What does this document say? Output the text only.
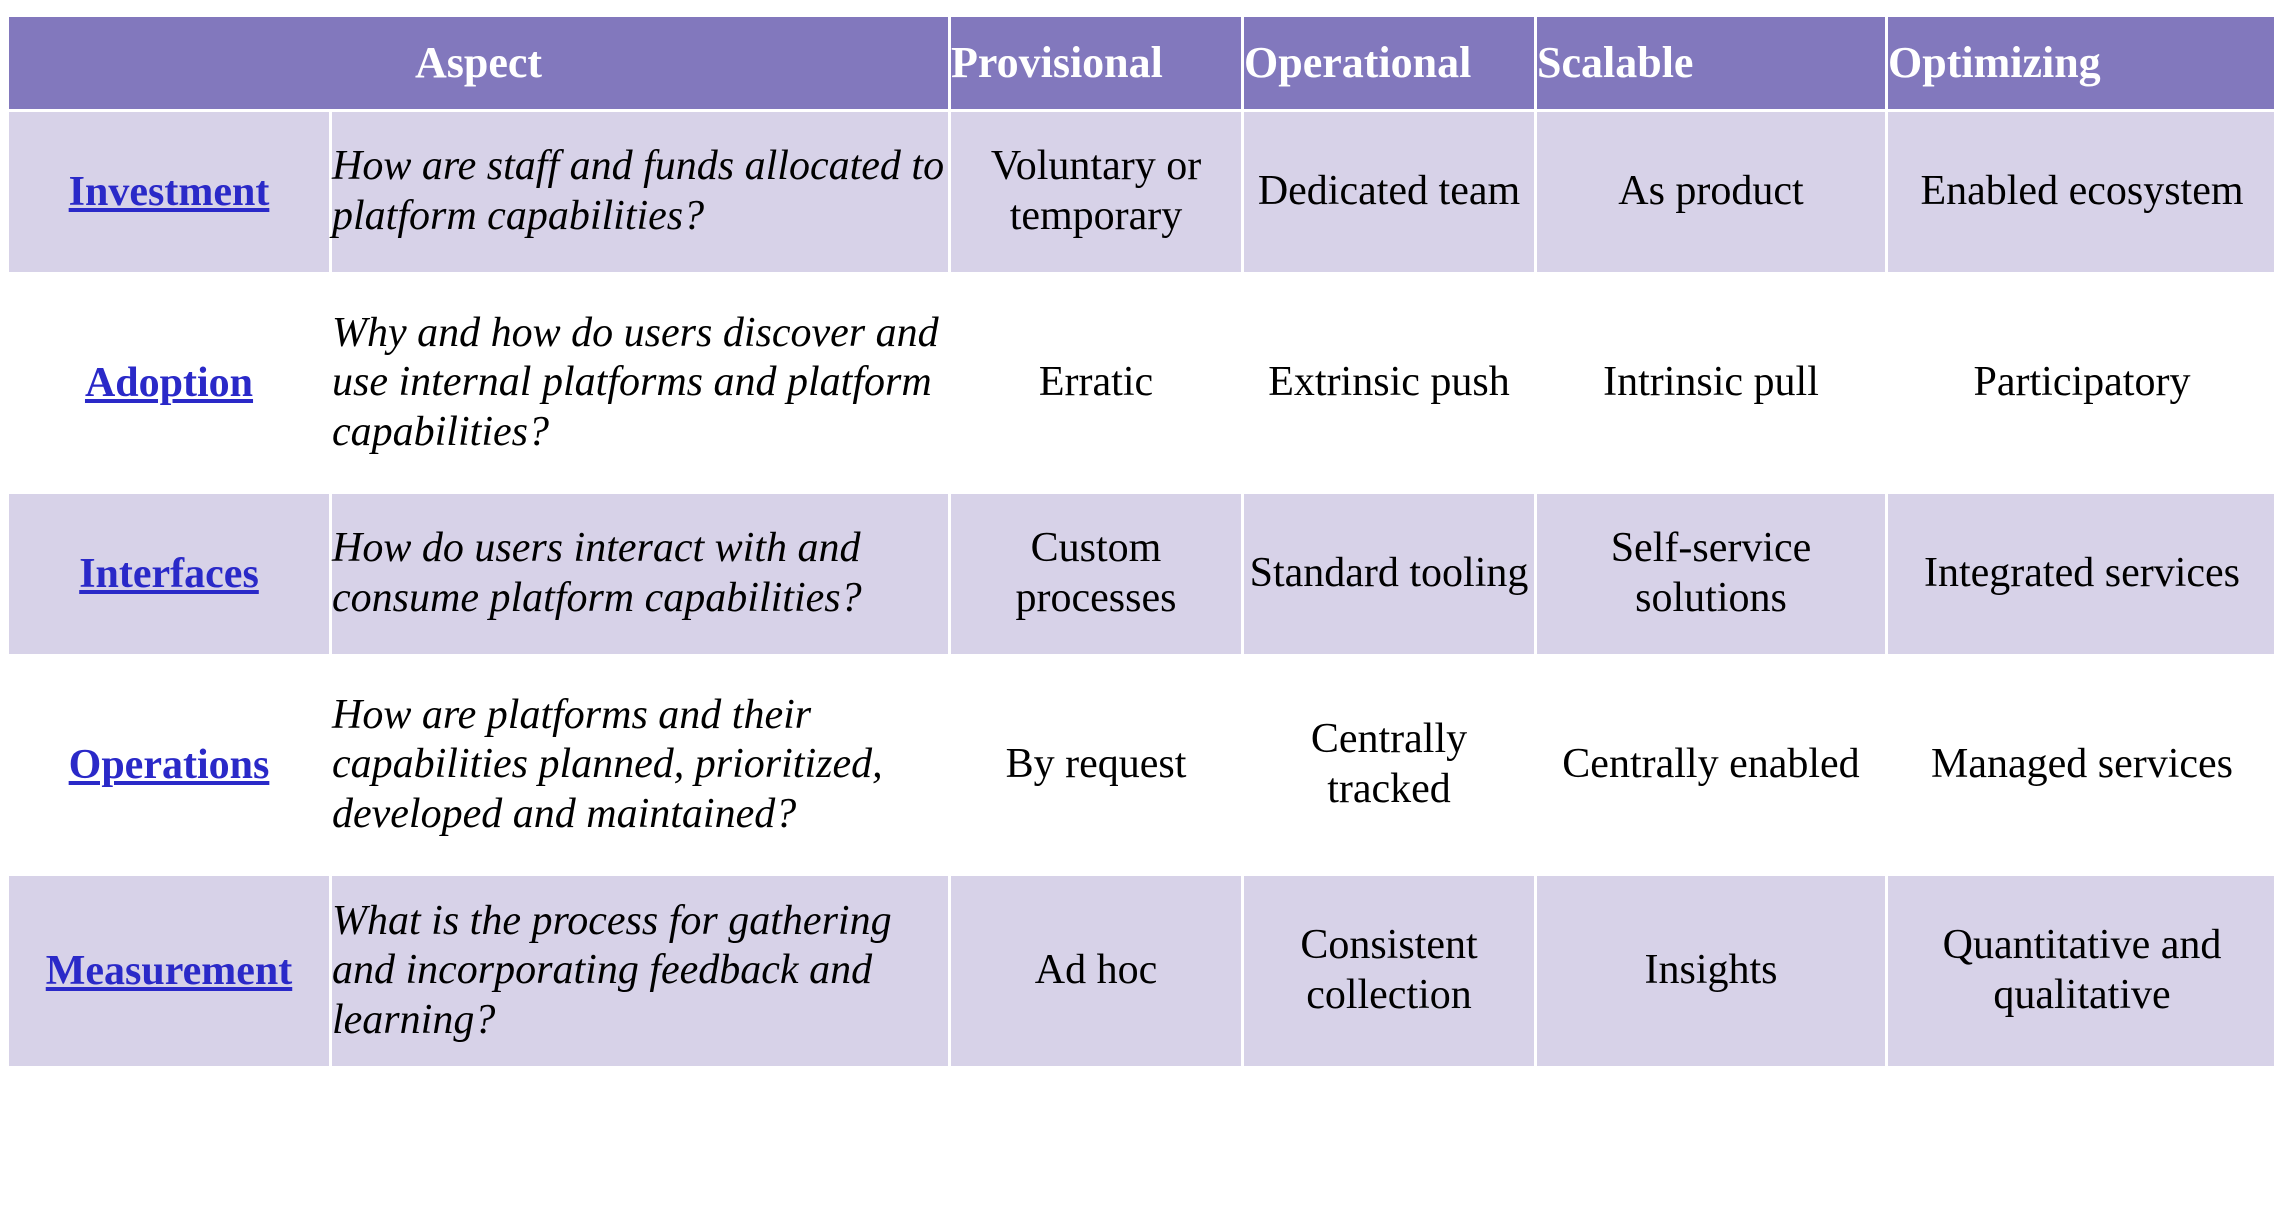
Aspect		Provisional	Operational	Scalable	Optimizing
Investment	How are staff and funds allocated to platform capabilities?	Voluntary or temporary	Dedicated team	As product	Enabled ecosystem
Adoption	Why and how do users discover and use internal platforms and platform capabilities?	Erratic	Extrinsic push	Intrinsic pull	Participatory
Interfaces	How do users interact with and consume platform capabilities?	Custom processes	Standard tooling	Self-service solutions	Integrated services
Operations	How are platforms and their capabilities planned, prioritized, developed and maintained?	By request	Centrally tracked	Centrally enabled	Managed services
Measurement	What is the process for gathering and incorporating feedback and learning?	Ad hoc	Consistent collection	Insights	Quantitative and qualitative
